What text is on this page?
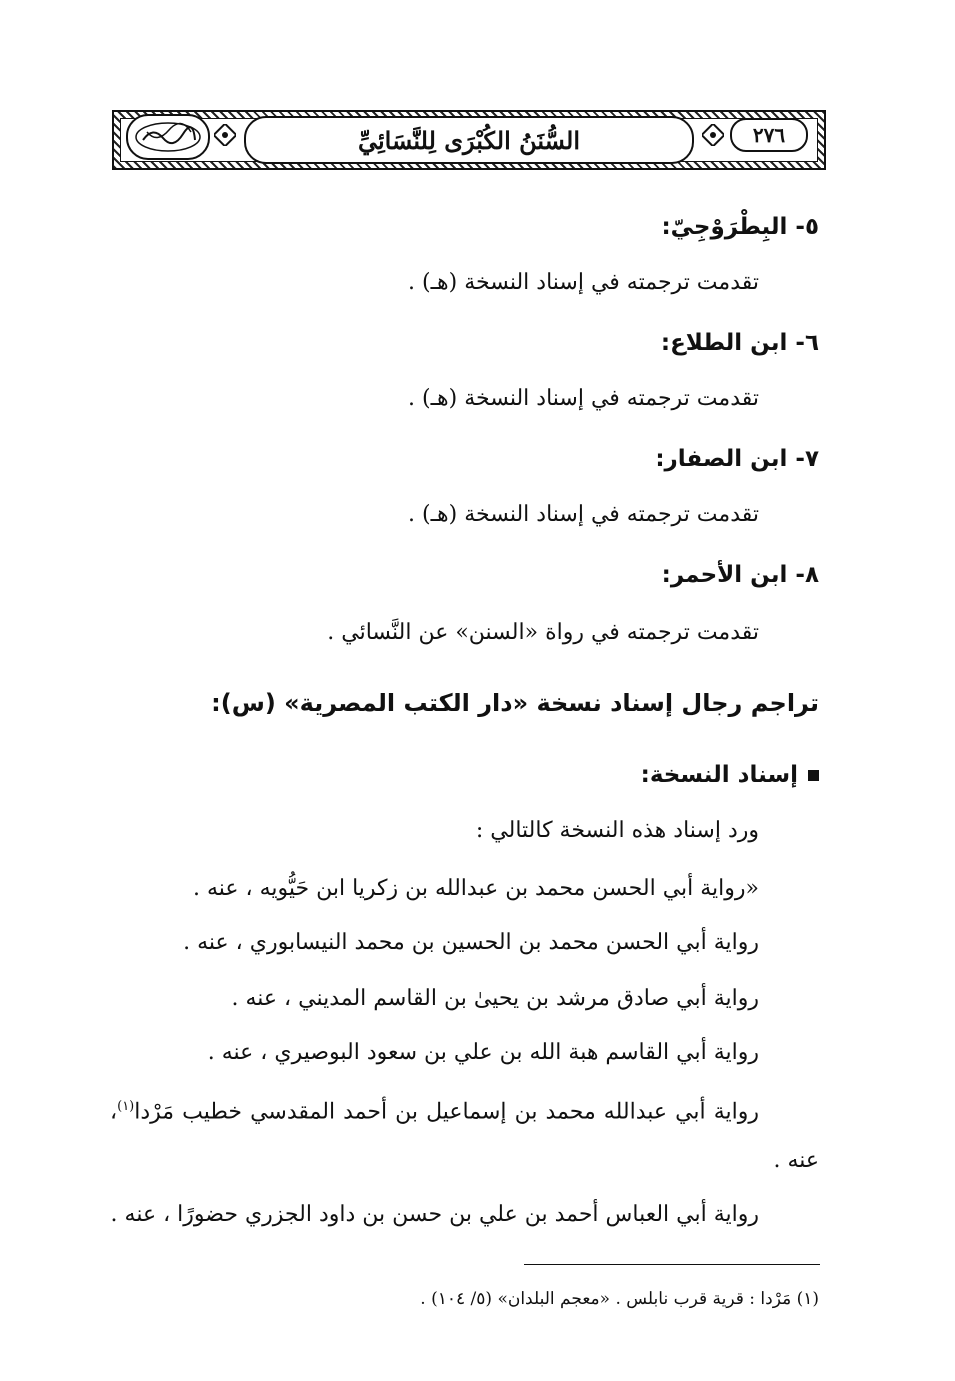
السُّنَنُ الكُبْرَى لِلنَّسَائِيِّ	٢٧٦
٥- البِطْرَوْجِيّ:
تقدمت ترجمته في إسناد النسخة (هـ) .
٦- ابن الطلاع:
تقدمت ترجمته في إسناد النسخة (هـ) .
٧- ابن الصفار:
تقدمت ترجمته في إسناد النسخة (هـ) .
٨- ابن الأحمر:
تقدمت ترجمته في رواة «السنن» عن النَّسائي .
تراجم رجال إسناد نسخة «دار الكتب المصرية» (س):
إسناد النسخة:
ورد إسناد هذه النسخة كالتالي :
«رواية أبي الحسن محمد بن عبدالله بن زكريا ابن حَيُّويه ، عنه .
رواية أبي الحسن محمد بن الحسين بن محمد النيسابوري ، عنه .
رواية أبي صادق مرشد بن يحيىٰ بن القاسم المديني ، عنه .
رواية أبي القاسم هبة الله بن علي بن سعود البوصيري ، عنه .
رواية أبي عبدالله محمد بن إسماعيل بن أحمد المقدسي خطيب مَرْدا$^{(١)}$،
عنه .
رواية أبي العباس أحمد بن علي بن حسن بن داود الجزري حضورًا ، عنه .
(١) مَرْدا : قرية قرب نابلس . «معجم البلدان» (٥/ ١٠٤) .
